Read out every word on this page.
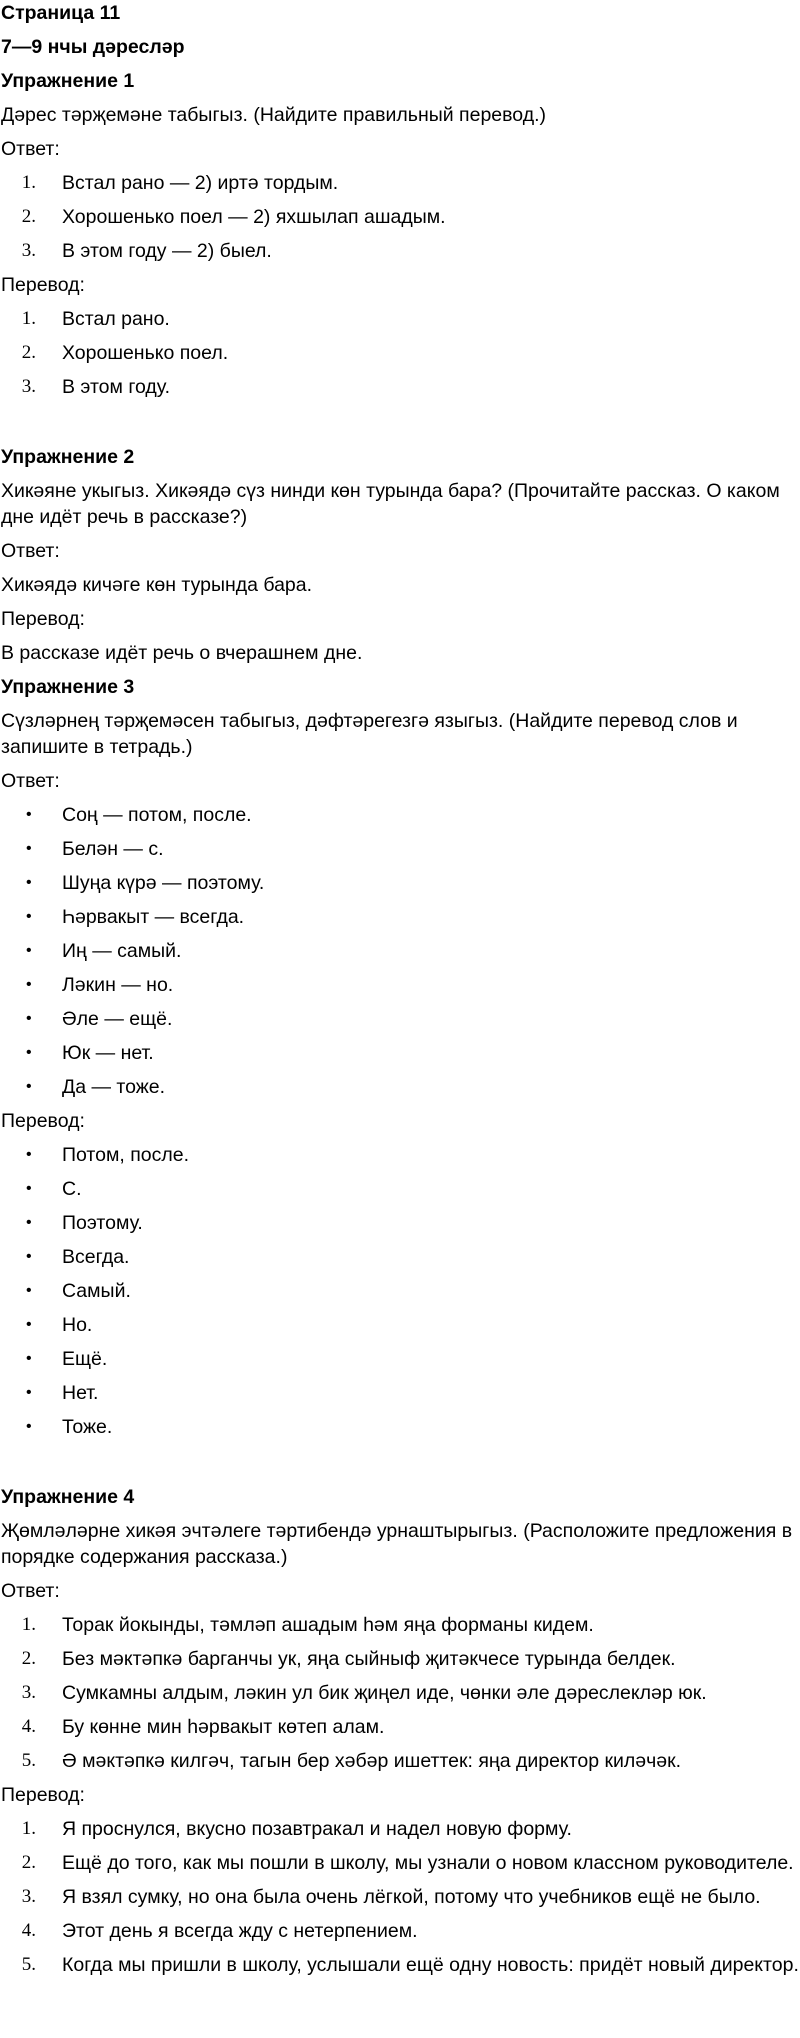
Страница 11
7—9 нчы дәресләр
Упражнение 1
Дәрес тәрҗемәне табыгыз. (Найдите правильный перевод.)
Ответ:
1. Встал рано — 2) иртә тордым.
2. Хорошенько поел — 2) яхшылап ашадым.
3. В этом году — 2) быел.
Перевод:
1. Встал рано.
2. Хорошенько поел.
3. В этом году.
Упражнение 2
Хикәяне укыгыз. Хикәядә сүз нинди көн турында бара? (Прочитайте рассказ. О каком дне идёт речь в рассказе?)
Ответ:
Хикәядә кичәге көн турында бара.
Перевод:
В рассказе идёт речь о вчерашнем дне.
Упражнение 3
Сүзләрнең тәрҗемәсен табыгыз, дәфтәрегезгә языгыз. (Найдите перевод слов и запишите в тетрадь.)
Ответ:
• Соң — потом, после.
• Белән — с.
• Шуңа күрә — поэтому.
• Һәрвакыт — всегда.
• Иң — самый.
• Ләкин — но.
• Әле — ещё.
• Юк — нет.
• Да — тоже.
Перевод:
• Потом, после.
• С.
• Поэтому.
• Всегда.
• Самый.
• Но.
• Ещё.
• Нет.
• Тоже.
Упражнение 4
Җөмләләрне хикәя эчтәлеге тәртибендә урнаштырыгыз. (Расположите предложения в порядке содержания рассказа.)
Ответ:
1. Торак йокынды, тәмләп ашадым һәм яңа форманы кидем.
2. Без мәктәпкә барганчы ук, яңа сыйныф җитәкчесе турында белдек.
3. Сумкамны алдым, ләкин ул бик җиңел иде, чөнки әле дәреслекләр юк.
4. Бу көнне мин һәрвакыт көтеп алам.
5. Ә мәктәпкә килгәч, тагын бер хәбәр ишеттек: яңа директор киләчәк.
Перевод:
1. Я проснулся, вкусно позавтракал и надел новую форму.
2. Ещё до того, как мы пошли в школу, мы узнали о новом классном руководителе.
3. Я взял сумку, но она была очень лёгкой, потому что учебников ещё не было.
4. Этот день я всегда жду с нетерпением.
5. Когда мы пришли в школу, услышали ещё одну новость: придёт новый директор.
